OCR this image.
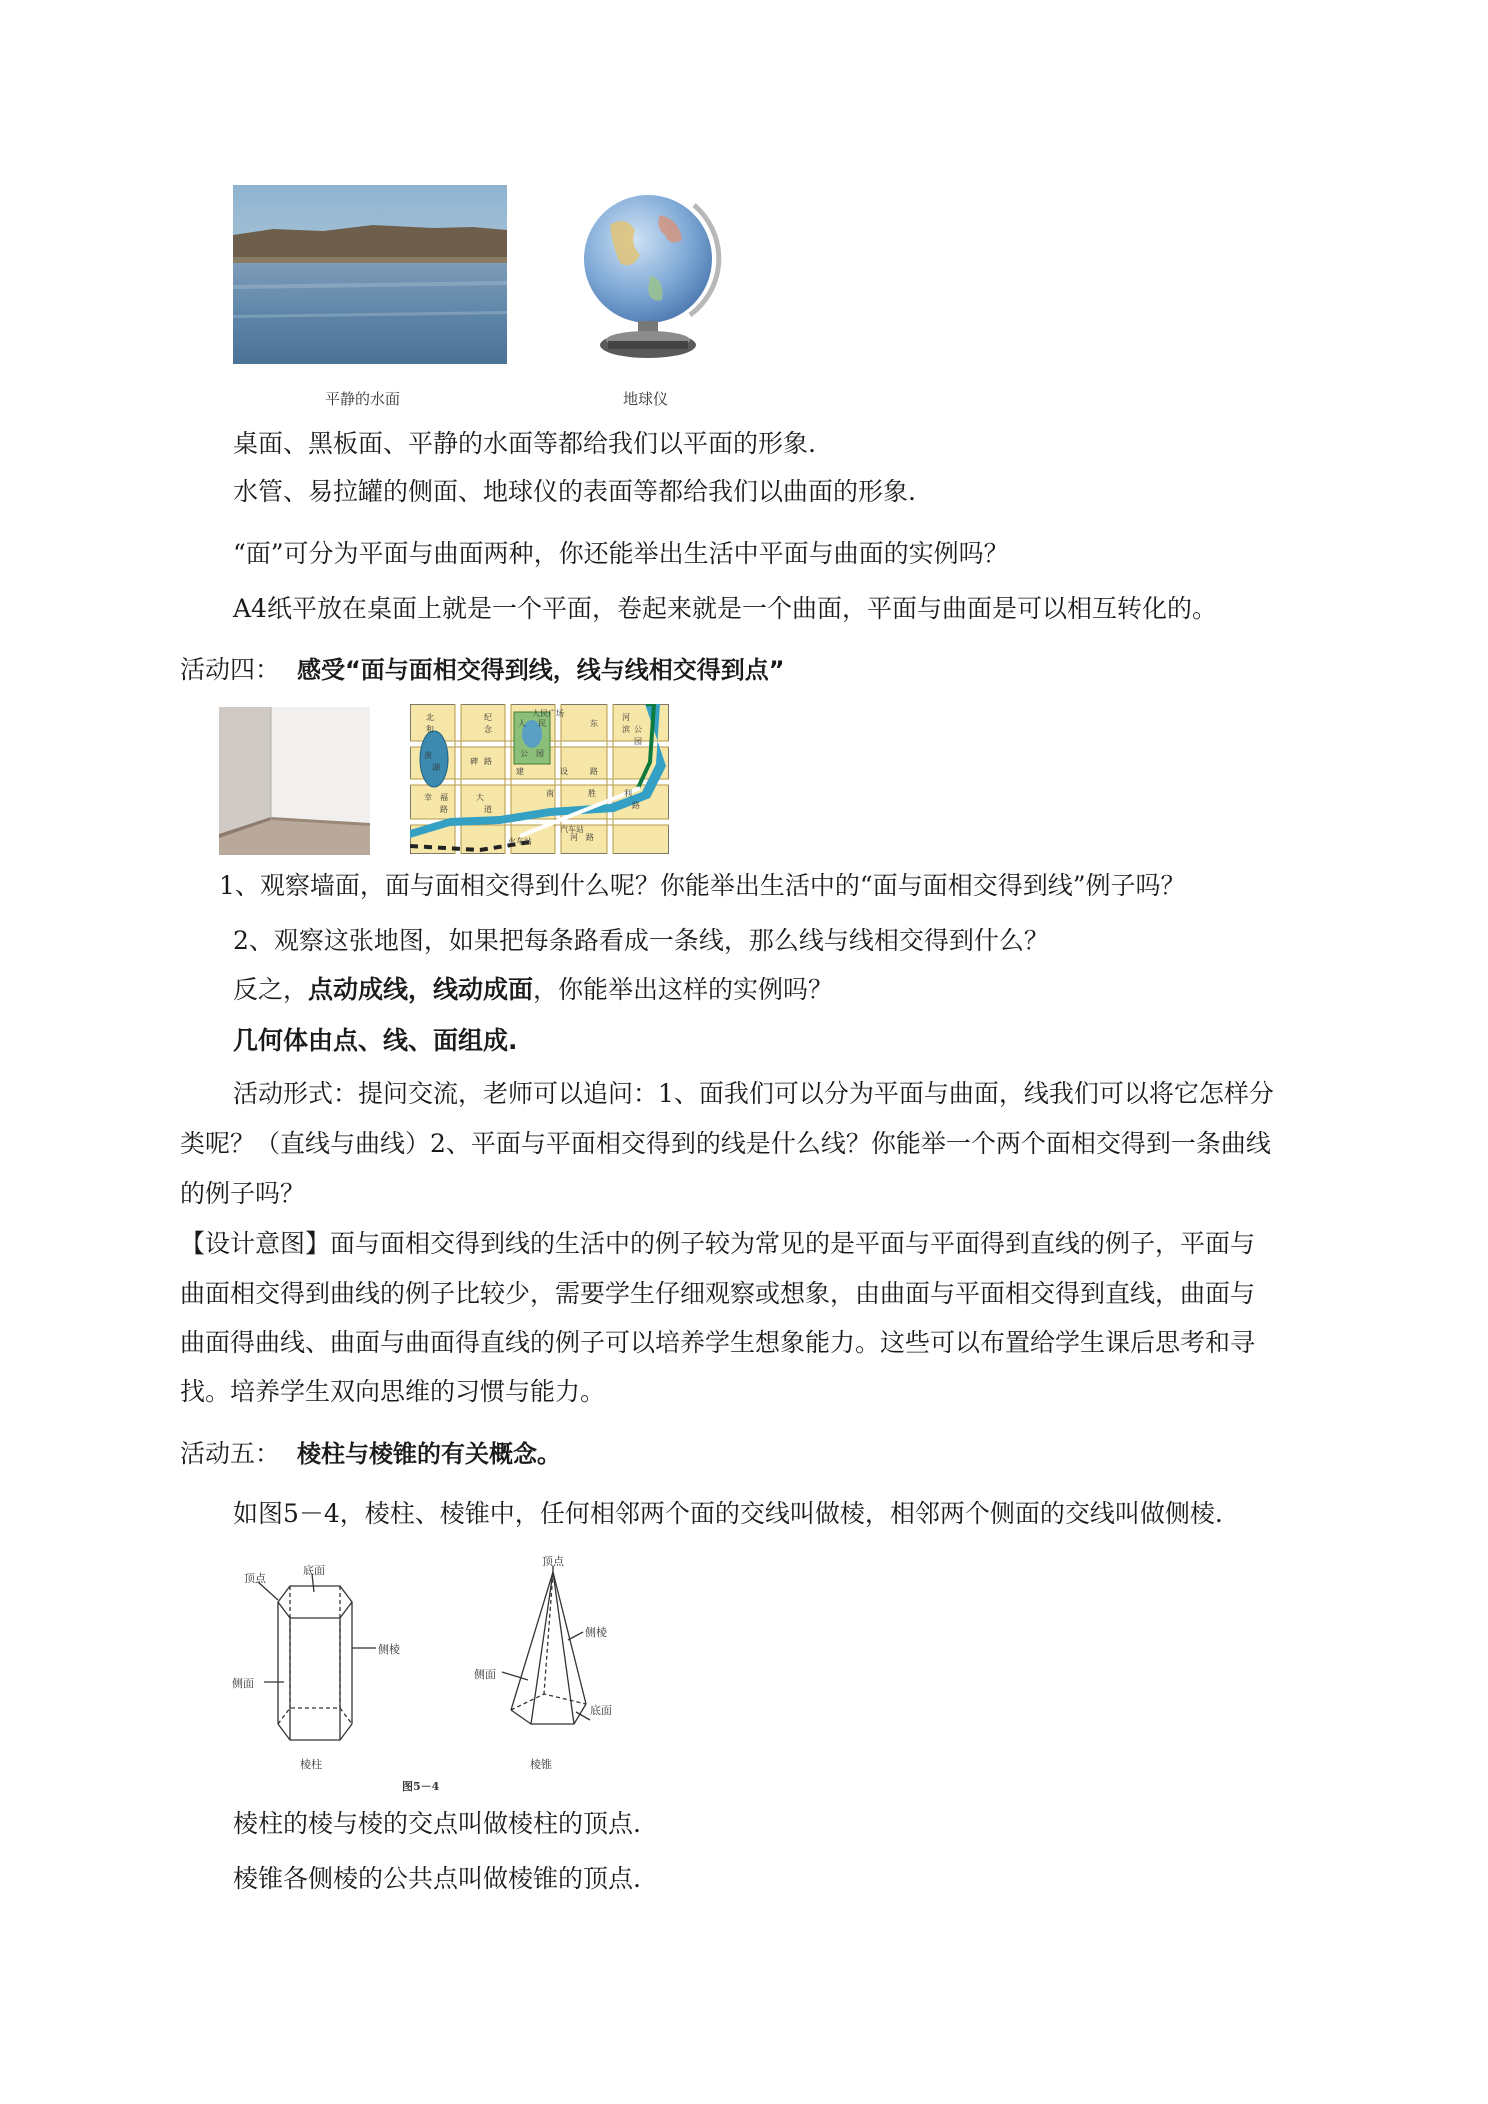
平静的水面	地球仪
桌面、黑板面、平静的水面等都给我们以平面的形象.
水管、易拉罐的侧面、地球仪的表面等都给我们以曲面的形象.
“面”可分为平面与曲面两种，你还能举出生活中平面与曲面的实例吗？
A4纸平放在桌面上就是一个平面，卷起来就是一个曲面，平面与曲面是可以相互转化的。
活动四： 感受“面与面相交得到线，线与线相交得到点”
北
和
人民广场	河
滨 公
园
人 民
公 园
纪
念
碑 路
羡
湖
东
建	设	路
大
道
幸 福
路
胜	利
路
南
河 路
汽车站
火车站
1、观察墙面，面与面相交得到什么呢？你能举出生活中的“面与面相交得到线”例子吗？
2、观察这张地图，如果把每条路看成一条线，那么线与线相交得到什么？
反之，点动成线，线动成面，你能举出这样的实例吗？
几何体由点、线、面组成.
活动形式：提问交流，老师可以追问：1、面我们可以分为平面与曲面，线我们可以将它怎样分
类呢？（直线与曲线）2、平面与平面相交得到的线是什么线？你能举一个两个面相交得到一条曲线
的例子吗？
【设计意图】面与面相交得到线的生活中的例子较为常见的是平面与平面得到直线的例子，平面与
曲面相交得到曲线的例子比较少，需要学生仔细观察或想象，由曲面与平面相交得到直线，曲面与
曲面得曲线、曲面与曲面得直线的例子可以培养学生想象能力。这些可以布置给学生课后思考和寻
找。培养学生双向思维的习惯与能力。
活动五： 棱柱与棱锥的有关概念。
如图5－4，棱柱、棱锥中，任何相邻两个面的交线叫做棱，相邻两个侧面的交线叫做侧棱.
顶点
底面
侧棱
侧面
棱柱
顶点
侧棱
侧面
底面
棱锥
图5－4
棱柱的棱与棱的交点叫做棱柱的顶点.
棱锥各侧棱的公共点叫做棱锥的顶点.
